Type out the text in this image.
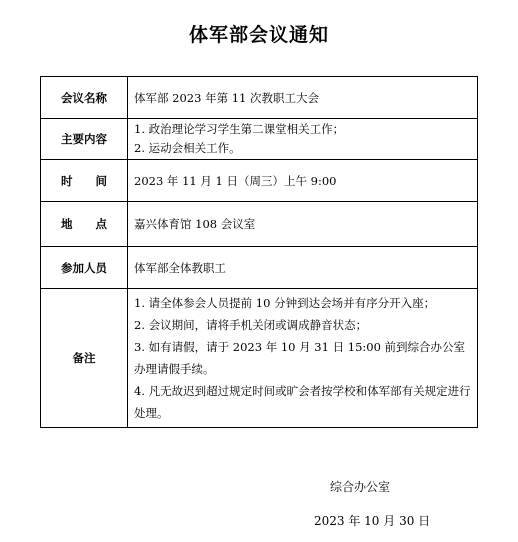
体军部会议通知
会议名称	体军部 2023 年第 11 次教职工大会
主要内容	1. 政治理论学习学生第二课堂相关工作；
2. 运动会相关工作。

时　　间	2023 年 11 月 1 日（周三）上午 9:00
地　　点	嘉兴体育馆 108 会议室
参加人员	体军部全体教职工
备注	1. 请全体参会人员提前 10 分钟到达会场并有序分开入座；
2. 会议期间，请将手机关闭或调成静音状态；
3. 如有请假，请于 2023 年 10 月 31 日 15:00 前到综合办公室办理请假手续。
4. 凡无故迟到超过规定时间或旷会者按学校和体军部有关规定进行处理。
综合办公室
2023 年 10 月 30 日
